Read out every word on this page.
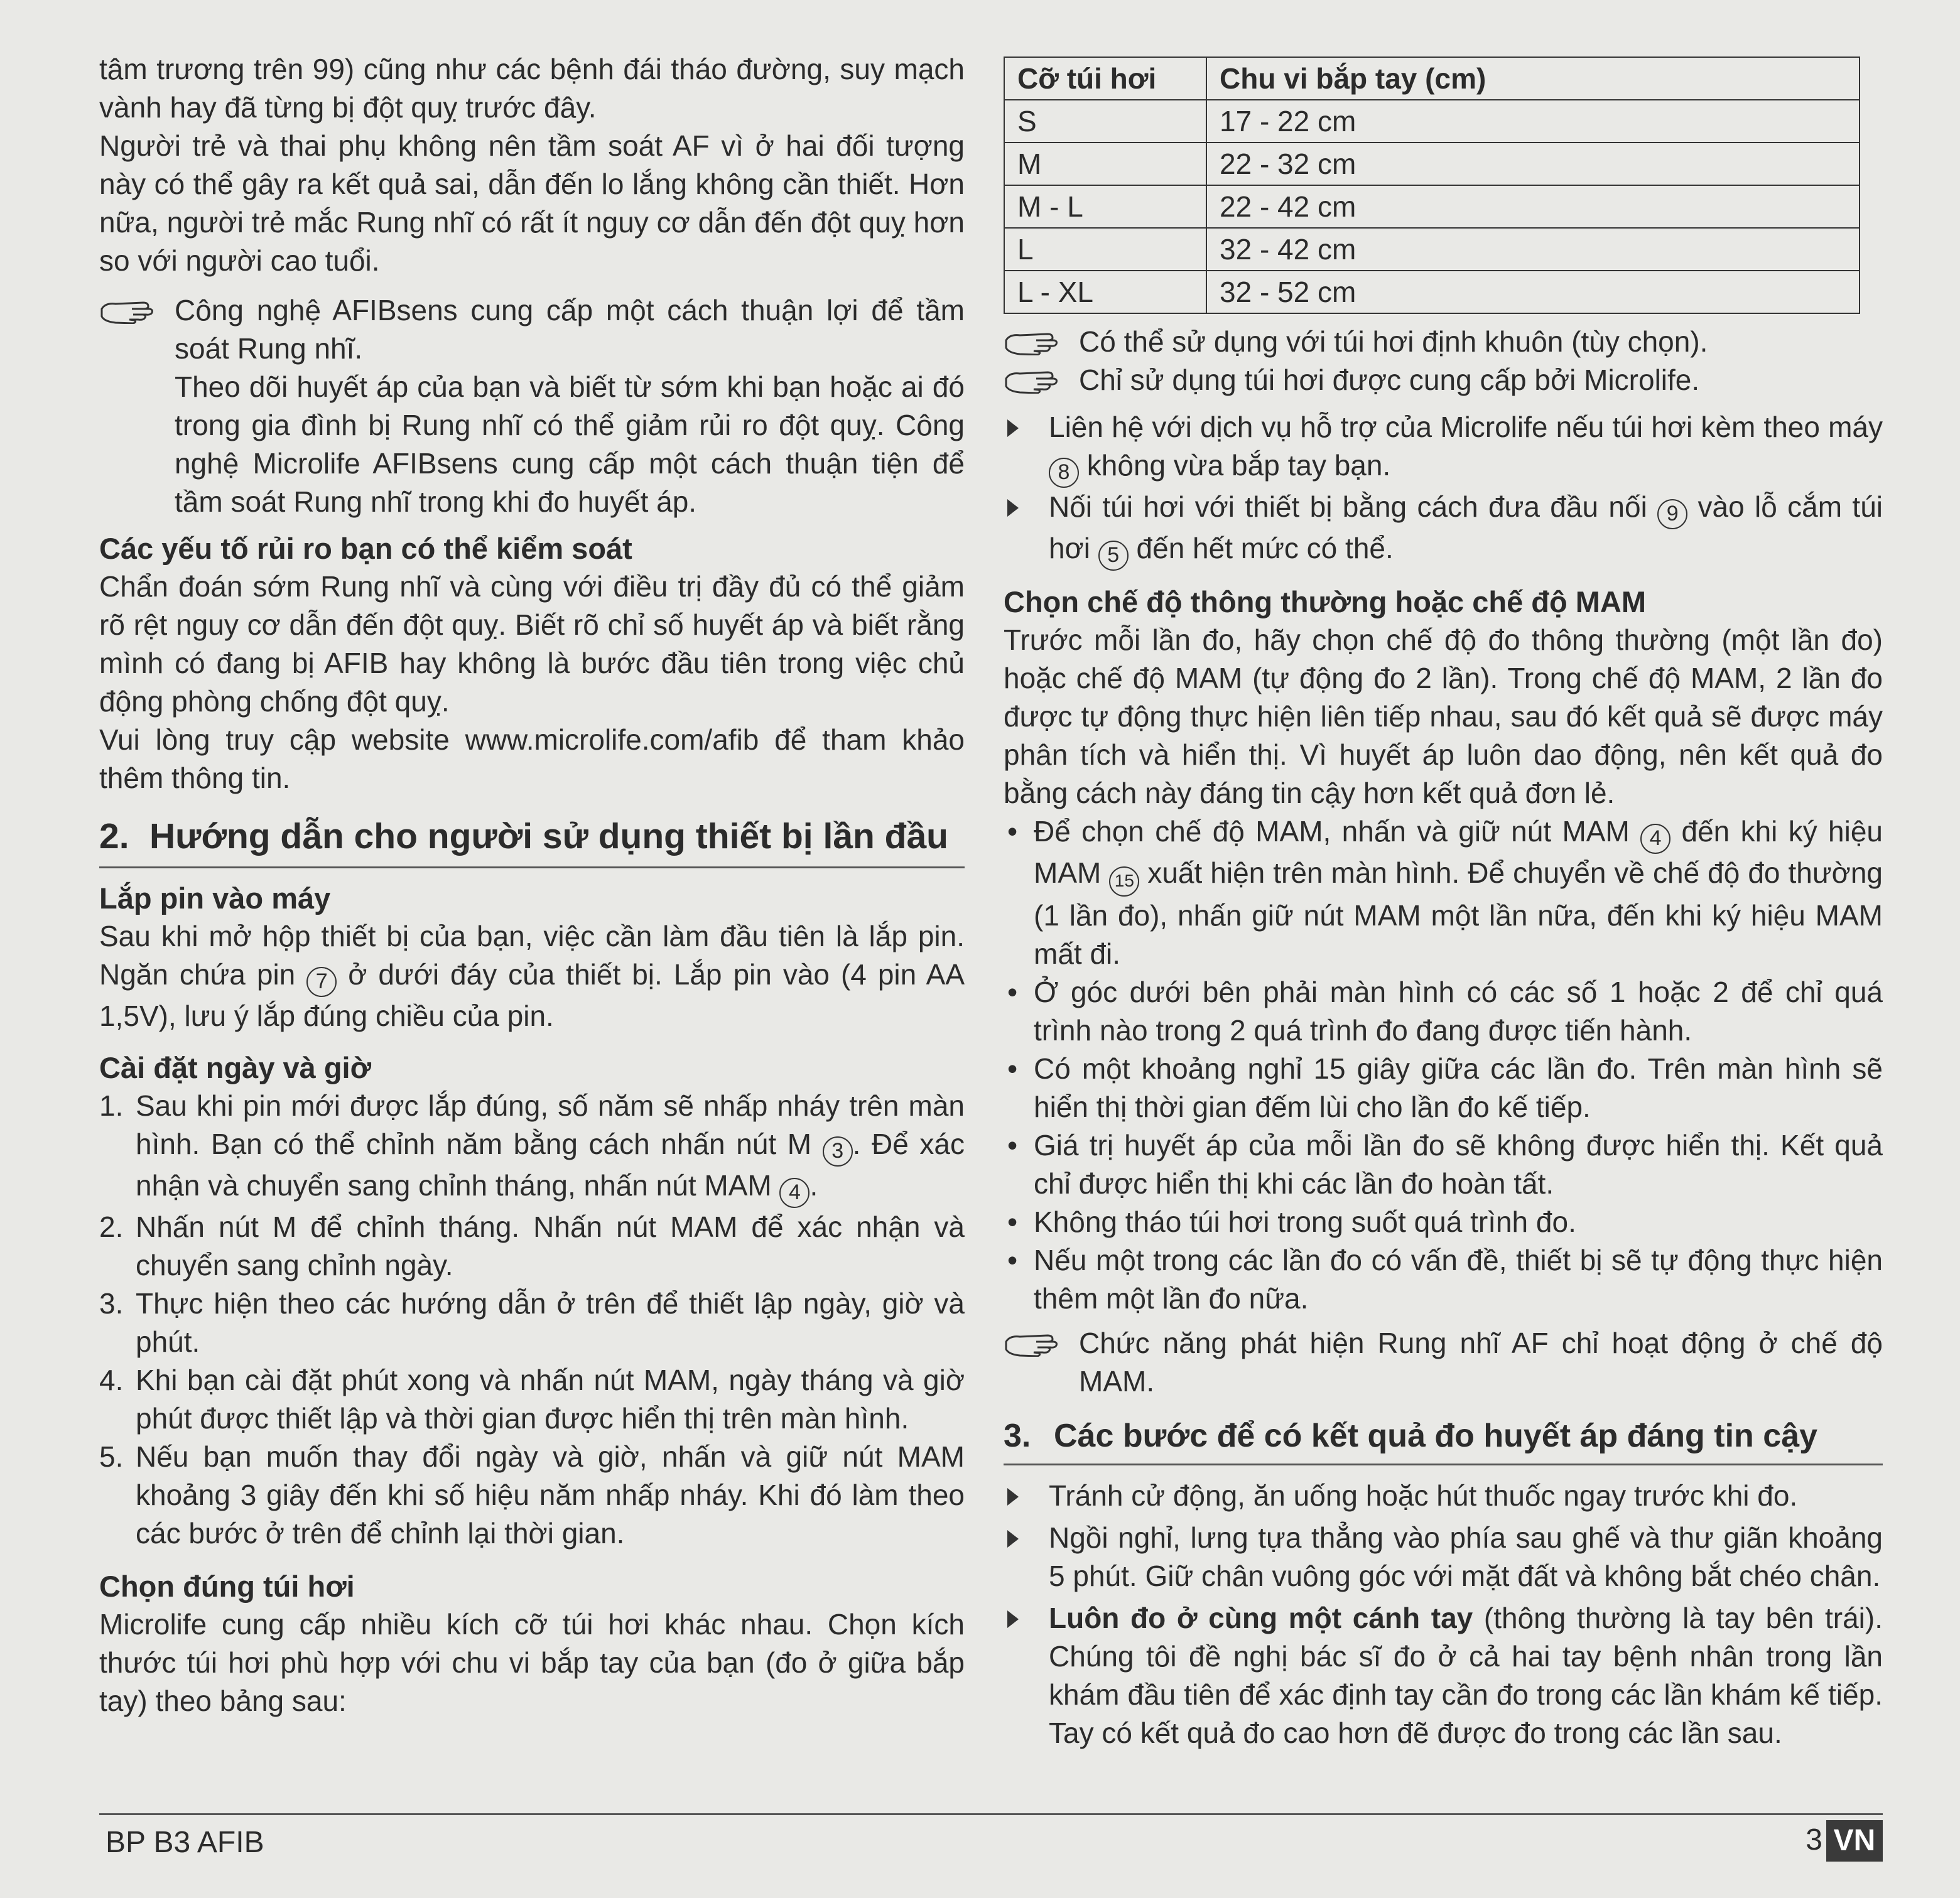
tâm trương trên 99) cũng như các bệnh đái tháo đường, suy mạch vành hay đã từng bị đột quỵ trước đây.

Người trẻ và thai phụ không nên tầm soát AF vì ở hai đối tượng này có thể gây ra kết quả sai, dẫn đến lo lắng không cần thiết. Hơn nữa, người trẻ mắc Rung nhĩ có rất ít nguy cơ dẫn đến đột quỵ hơn so với người cao tuổi.

Công nghệ AFIBsens cung cấp một cách thuận lợi để tầm soát Rung nhĩ.

Theo dõi huyết áp của bạn và biết từ sớm khi bạn hoặc ai đó trong gia đình bị Rung nhĩ có thể giảm rủi ro đột quỵ. Công nghệ Microlife AFIBsens cung cấp một cách thuận tiện để tầm soát Rung nhĩ trong khi đo huyết áp.

Các yếu tố rủi ro bạn có thể kiểm soát

Chẩn đoán sớm Rung nhĩ và cùng với điều trị đầy đủ có thể giảm rõ rệt nguy cơ dẫn đến đột quỵ. Biết rõ chỉ số huyết áp và biết rằng mình có đang bị AFIB hay không là bước đầu tiên trong việc chủ động phòng chống đột quỵ.

Vui lòng truy cập website www.microlife.com/afib để tham khảo thêm thông tin.

2. Hướng dẫn cho người sử dụng thiết bị lần đầu

Lắp pin vào máy

Sau khi mở hộp thiết bị của bạn, việc cần làm đầu tiên là lắp pin. Ngăn chứa pin 7 ở dưới đáy của thiết bị. Lắp pin vào (4 pin AA 1,5V), lưu ý lắp đúng chiều của pin.

Cài đặt ngày và giờ

1. Sau khi pin mới được lắp đúng, số năm sẽ nhấp nháy trên màn hình. Bạn có thể chỉnh năm bằng cách nhấn nút M 3 . Để xác nhận và chuyển sang chỉnh tháng, nhấn nút MAM 4 .
2. Nhấn nút M để chỉnh tháng. Nhấn nút MAM để xác nhận và chuyển sang chỉnh ngày.
3. Thực hiện theo các hướng dẫn ở trên để thiết lập ngày, giờ và phút.
4. Khi bạn cài đặt phút xong và nhấn nút MAM, ngày tháng và giờ phút được thiết lập và thời gian được hiển thị trên màn hình.
5. Nếu bạn muốn thay đổi ngày và giờ, nhấn và giữ nút MAM khoảng 3 giây đến khi số hiệu năm nhấp nháy. Khi đó làm theo các bước ở trên để chỉnh lại thời gian.

Chọn đúng túi hơi

Microlife cung cấp nhiều kích cỡ túi hơi khác nhau. Chọn kích thước túi hơi phù hợp với chu vi bắp tay của bạn (đo ở giữa bắp tay) theo bảng sau:

Cỡ túi hơi	Chu vi bắp tay (cm)
S	17 - 22 cm
M	22 - 32 cm
M - L	22 - 42 cm
L	32 - 42 cm
L - XL	32 - 52 cm

Có thể sử dụng với túi hơi định khuôn (tùy chọn).

Chỉ sử dụng túi hơi được cung cấp bởi Microlife.

Liên hệ với dịch vụ hỗ trợ của Microlife nếu túi hơi kèm theo máy 8 không vừa bắp tay bạn.
Nối túi hơi với thiết bị bằng cách đưa đầu nối 9 vào lỗ cắm túi hơi 5 đến hết mức có thể.

Chọn chế độ thông thường hoặc chế độ MAM

Trước mỗi lần đo, hãy chọn chế độ đo thông thường (một lần đo) hoặc chế độ MAM (tự động đo 2 lần). Trong chế độ MAM, 2 lần đo được tự động thực hiện liên tiếp nhau, sau đó kết quả sẽ được máy phân tích và hiển thị. Vì huyết áp luôn dao động, nên kết quả đo bằng cách này đáng tin cậy hơn kết quả đơn lẻ.

• Để chọn chế độ MAM, nhấn và giữ nút MAM 4 đến khi ký hiệu MAM 15 xuất hiện trên màn hình. Để chuyển về chế độ đo thường (1 lần đo), nhấn giữ nút MAM một lần nữa, đến khi ký hiệu MAM mất đi.
• Ở góc dưới bên phải màn hình có các số 1 hoặc 2 để chỉ quá trình nào trong 2 quá trình đo đang được tiến hành.
• Có một khoảng nghỉ 15 giây giữa các lần đo. Trên màn hình sẽ hiển thị thời gian đếm lùi cho lần đo kế tiếp.
• Giá trị huyết áp của mỗi lần đo sẽ không được hiển thị. Kết quả chỉ được hiển thị khi các lần đo hoàn tất.
• Không tháo túi hơi trong suốt quá trình đo.
• Nếu một trong các lần đo có vấn đề, thiết bị sẽ tự động thực hiện thêm một lần đo nữa.

Chức năng phát hiện Rung nhĩ AF chỉ hoạt động ở chế độ MAM.

3. Các bước để có kết quả đo huyết áp đáng tin cậy
Tránh cử động, ăn uống hoặc hút thuốc ngay trước khi đo.
Ngồi nghỉ, lưng tựa thẳng vào phía sau ghế và thư giãn khoảng 5 phút. Giữ chân vuông góc với mặt đất và không bắt chéo chân.
Luôn đo ở cùng một cánh tay (thông thường là tay bên trái). Chúng tôi đề nghị bác sĩ đo ở cả hai tay bệnh nhân trong lần khám đầu tiên để xác định tay cần đo trong các lần khám kế tiếp. Tay có kết quả đo cao hơn đẽ được đo trong các lần sau.
BP B3 AFIB	3 VN
